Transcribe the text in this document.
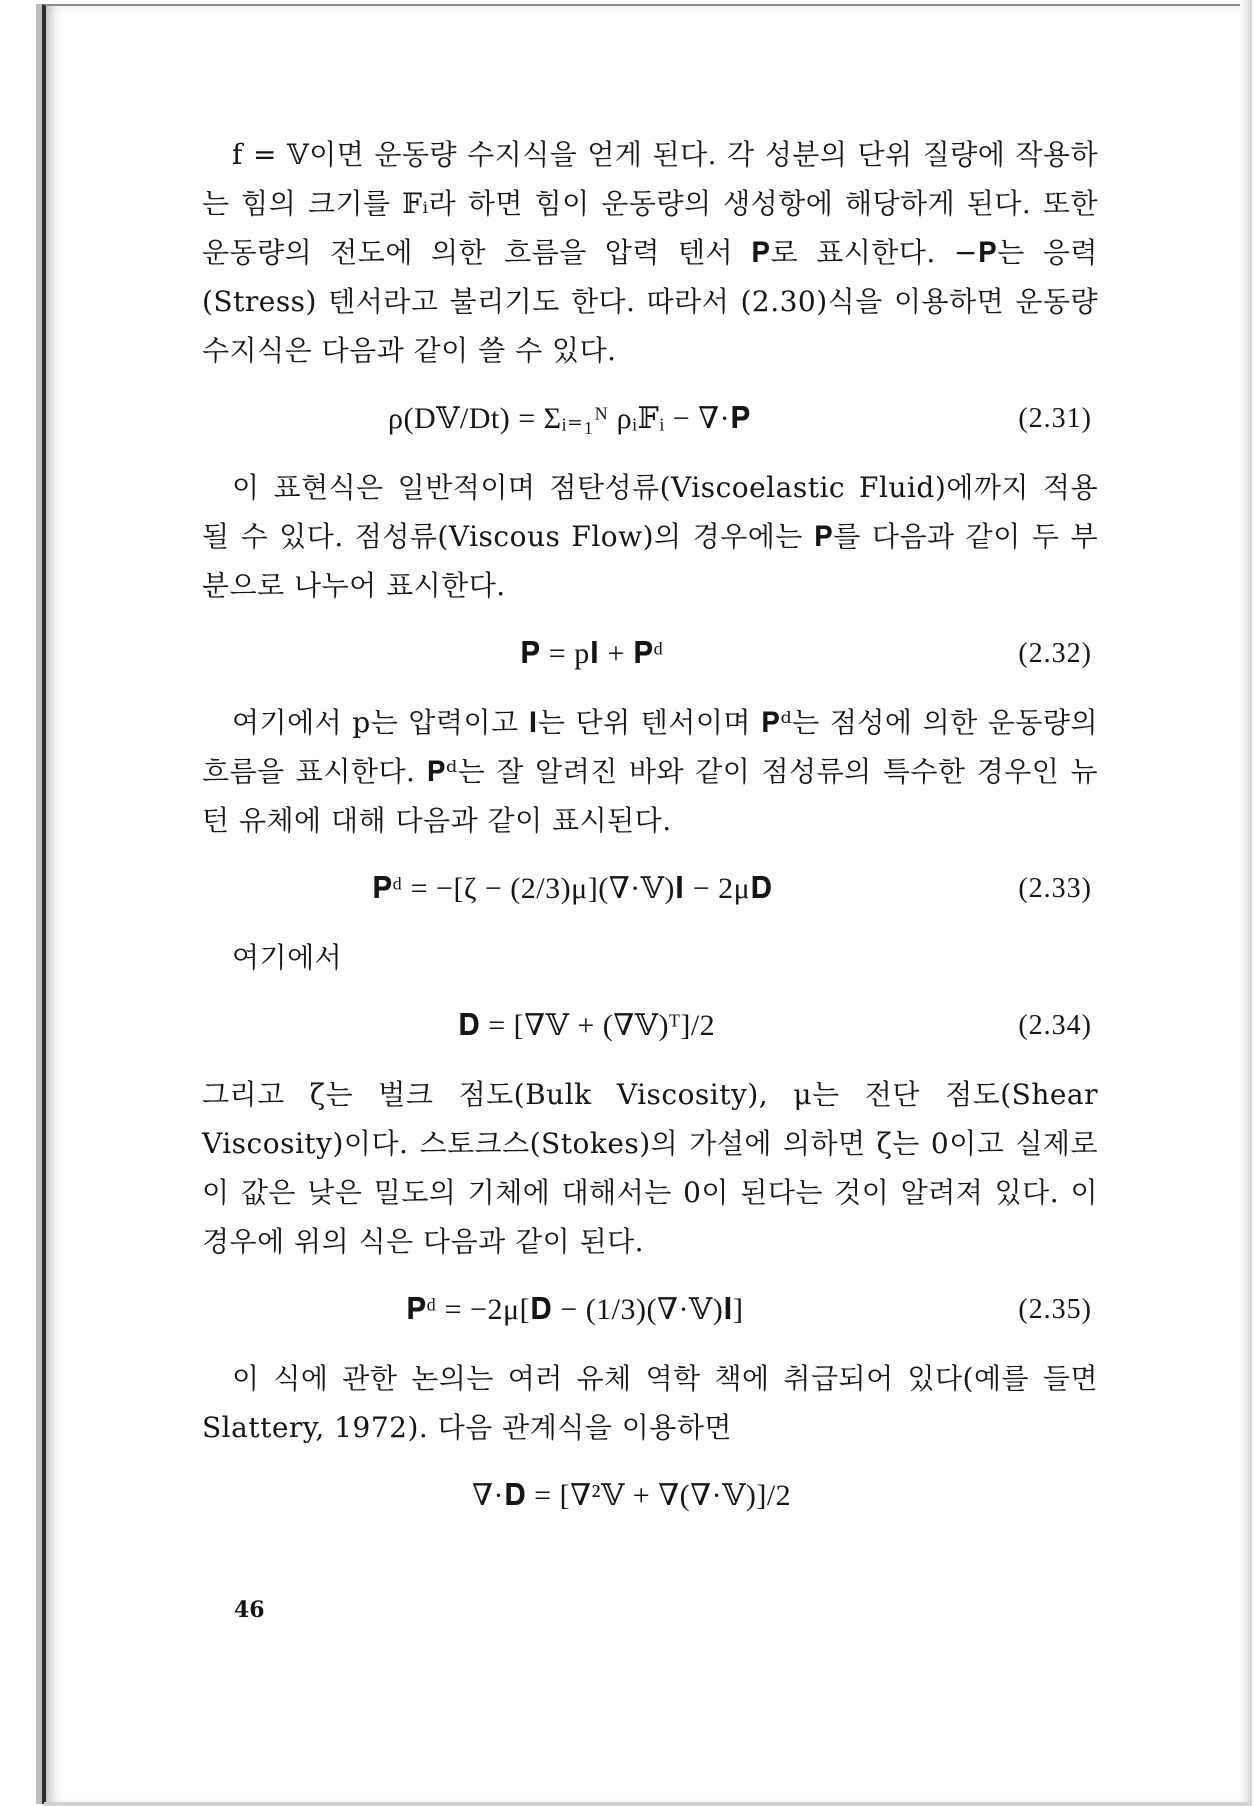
f = 𝕍이면 운동량 수지식을 얻게 된다. 각 성분의 단위 질량에 작용하는 힘의 크기를 𝔽ᵢ라 하면 힘이 운동량의 생성항에 해당하게 된다. 또한 운동량의 전도에 의한 흐름을 압력 텐서 𝐏로 표시한다. −𝐏는 응력(Stress) 텐서라고 불리기도 한다. 따라서 (2.30)식을 이용하면 운동량 수지식은 다음과 같이 쓸 수 있다.

ρ(D𝕍/Dt) = Σᵢ₌₁ᴺ ρᵢ𝔽ᵢ − ∇·𝐏	(2.31)

이 표현식은 일반적이며 점탄성류(Viscoelastic Fluid)에까지 적용될 수 있다. 점성류(Viscous Flow)의 경우에는 𝐏를 다음과 같이 두 부분으로 나누어 표시한다.

𝐏 = p𝐈 + 𝐏ᵈ	(2.32)

여기에서 p는 압력이고 𝐈는 단위 텐서이며 𝐏ᵈ는 점성에 의한 운동량의 흐름을 표시한다. 𝐏ᵈ는 잘 알려진 바와 같이 점성류의 특수한 경우인 뉴턴 유체에 대해 다음과 같이 표시된다.

𝐏ᵈ = −[ζ − (2/3)μ](∇·𝕍)𝐈 − 2μ𝐃	(2.33)

여기에서

𝐃 = [∇𝕍 + (∇𝕍)ᵀ]/2	(2.34)

그리고 ζ는 벌크 점도(Bulk Viscosity), μ는 전단 점도(Shear Viscosity)이다. 스토크스(Stokes)의 가설에 의하면 ζ는 0이고 실제로 이 값은 낮은 밀도의 기체에 대해서는 0이 된다는 것이 알려져 있다. 이 경우에 위의 식은 다음과 같이 된다.

𝐏ᵈ = −2μ[𝐃 − (1/3)(∇·𝕍)𝐈]	(2.35)

이 식에 관한 논의는 여러 유체 역학 책에 취급되어 있다(예를 들면 Slattery, 1972). 다음 관계식을 이용하면

∇·𝐃 = [∇²𝕍 + ∇(∇·𝕍)]/2
46
